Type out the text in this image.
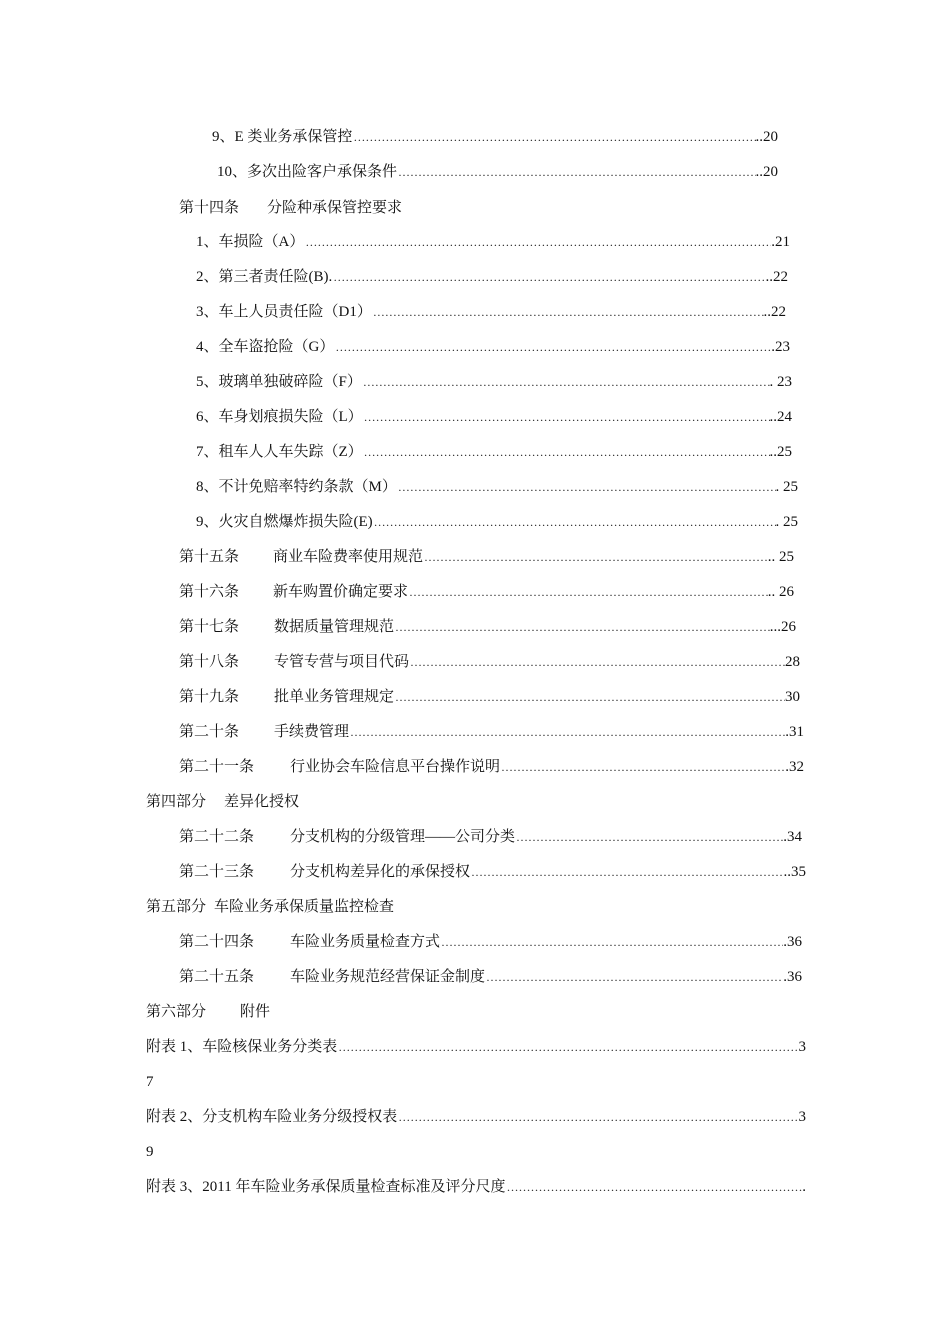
9、E 类业务承保管控 …………………………………………………………………………………………………………………………………………………………………………………………………………	..20
10、多次出险客户承保条件 …………………………………………………………………………………………………………………………………………………………………………………………………………	..20
第十四条 分险种承保管控要求
1、车损险（A） …………………………………………………………………………………………………………………………………………………………………………………………………………	.21
2、第三者责任险(B). …………………………………………………………………………………………………………………………………………………………………………………………………………	..22
3、车上人员责任险（D1） …………………………………………………………………………………………………………………………………………………………………………………………………………	..22
4、全车盗抢险（G） …………………………………………………………………………………………………………………………………………………………………………………………………………	.23
5、玻璃单独破碎险（F） …………………………………………………………………………………………………………………………………………………………………………………………………………	. 23
6、车身划痕损失险（L） …………………………………………………………………………………………………………………………………………………………………………………………………………	..24
7、租车人人车失踪（Z） …………………………………………………………………………………………………………………………………………………………………………………………………………	..25
8、不计免赔率特约条款（M） …………………………………………………………………………………………………………………………………………………………………………………………………………	. 25
9、火灾自燃爆炸损失险(E) …………………………………………………………………………………………………………………………………………………………………………………………………………	. 25
第十五条 商业车险费率使用规范 …………………………………………………………………………………………………………………………………………………………………………………………………………	.. 25
第十六条 新车购置价确定要求 …………………………………………………………………………………………………………………………………………………………………………………………………………	.. 26
第十七条 数据质量管理规范 …………………………………………………………………………………………………………………………………………………………………………………………………………	...26
第十八条 专管专营与项目代码 …………………………………………………………………………………………………………………………………………………………………………………………………………	28
第十九条 批单业务管理规定 …………………………………………………………………………………………………………………………………………………………………………………………………………	30
第二十条 手续费管理 …………………………………………………………………………………………………………………………………………………………………………………………………………	.31
第二十一条 行业协会车险信息平台操作说明 …………………………………………………………………………………………………………………………………………………………………………………………………………	.32
第四部分 差异化授权
第二十二条 分支机构的分级管理——公司分类 …………………………………………………………………………………………………………………………………………………………………………………………………………	.34
第二十三条 分支机构差异化的承保授权 …………………………………………………………………………………………………………………………………………………………………………………………………………	..35
第五部分 车险业务承保质量监控检查
第二十四条 车险业务质量检查方式 …………………………………………………………………………………………………………………………………………………………………………………………………………	.36
第二十五条 车险业务规范经营保证金制度 …………………………………………………………………………………………………………………………………………………………………………………………………………	.36
第六部分 附件
附表 1、车险核保业务分类表 …………………………………………………………………………………………………………………………………………………………………………………………………………	3
7
附表 2、分支机构车险业务分级授权表 …………………………………………………………………………………………………………………………………………………………………………………………………………	3
9
附表 3、2011 年车险业务承保质量检查标准及评分尺度 …………………………………………………………………………………………………………………………………………………………………………………………………………	.
